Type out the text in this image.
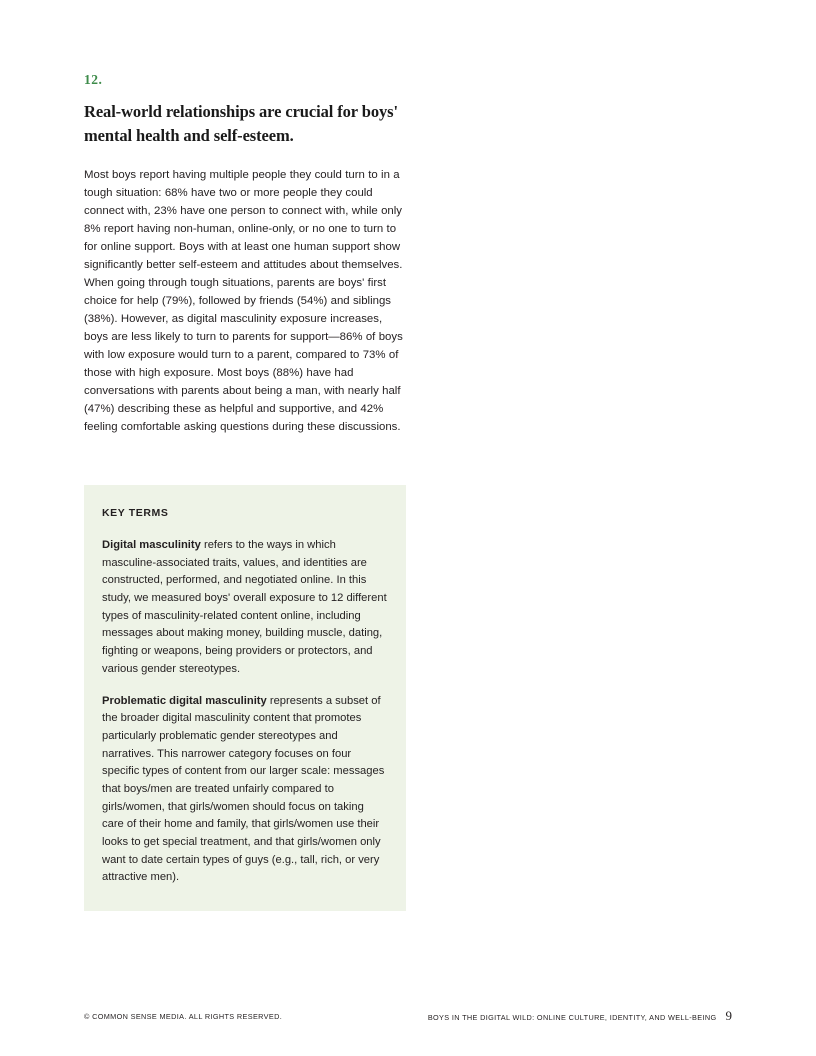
12.

Real-world relationships are crucial for boys' mental health and self-esteem.

Most boys report having multiple people they could turn to in a tough situation: 68% have two or more people they could connect with, 23% have one person to connect with, while only 8% report having non-human, online-only, or no one to turn to for online support. Boys with at least one human support show significantly better self-esteem and attitudes about themselves. When going through tough situations, parents are boys' first choice for help (79%), followed by friends (54%) and siblings (38%). However, as digital masculinity exposure increases, boys are less likely to turn to parents for support—86% of boys with low exposure would turn to a parent, compared to 73% of those with high exposure. Most boys (88%) have had conversations with parents about being a man, with nearly half (47%) describing these as helpful and supportive, and 42% feeling comfortable asking questions during these discussions.

KEY TERMS

Digital masculinity refers to the ways in which masculine-associated traits, values, and identities are constructed, performed, and negotiated online. In this study, we measured boys' overall exposure to 12 different types of masculinity-related content online, including messages about making money, building muscle, dating, fighting or weapons, being providers or protectors, and various gender stereotypes.

Problematic digital masculinity represents a subset of the broader digital masculinity content that promotes particularly problematic gender stereotypes and narratives. This narrower category focuses on four specific types of content from our larger scale: messages that boys/men are treated unfairly compared to girls/women, that girls/women should focus on taking care of their home and family, that girls/women use their looks to get special treatment, and that girls/women only want to date certain types of guys (e.g., tall, rich, or very attractive men).

© COMMON SENSE MEDIA. ALL RIGHTS RESERVED.	BOYS IN THE DIGITAL WILD: ONLINE CULTURE, IDENTITY, AND WELL-BEING 9
